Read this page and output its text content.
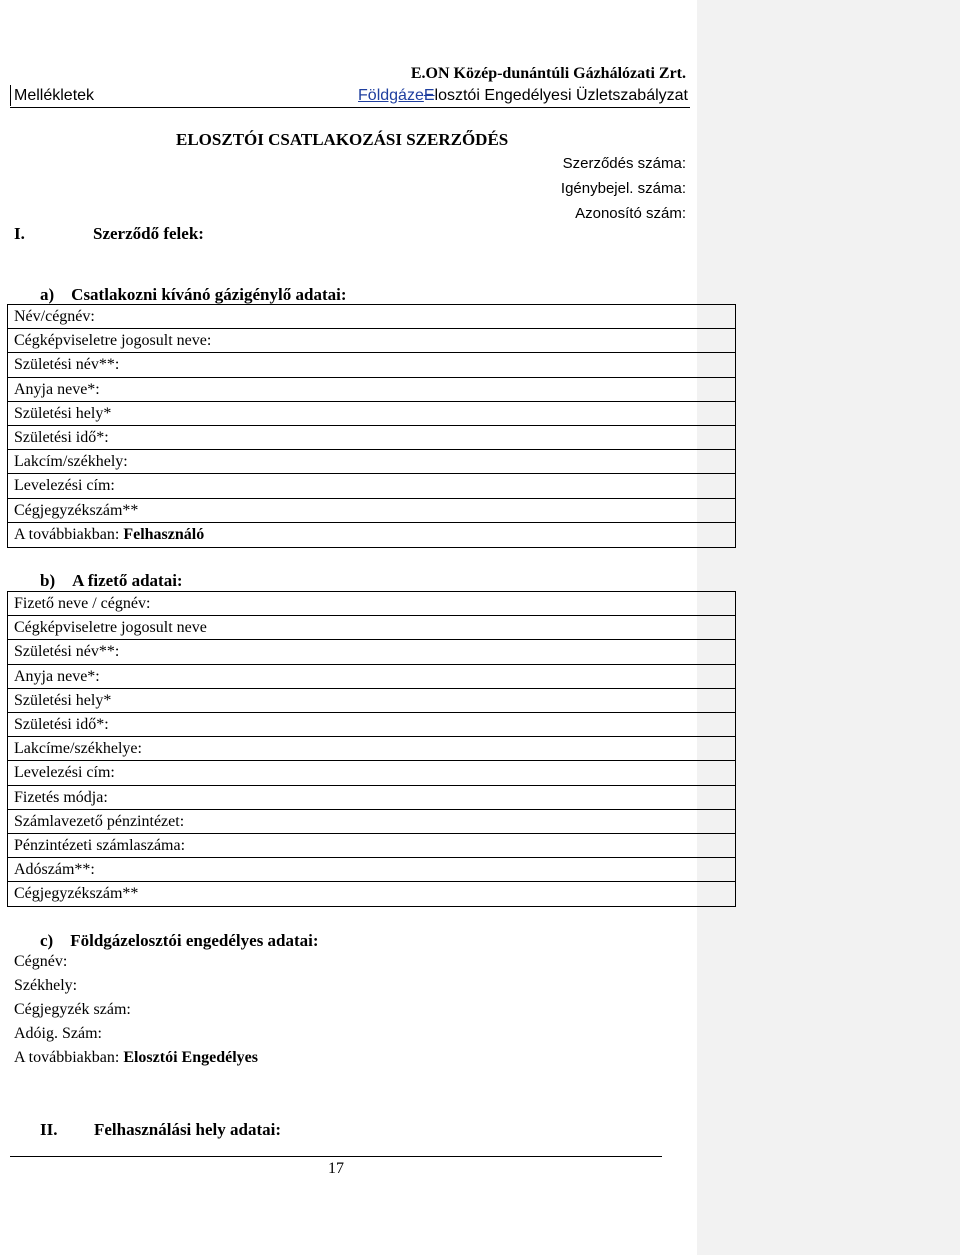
Mellékletek
E.ON Közép-dunántúli Gázhálózati Zrt.
FöldgázeElosztói Engedélyesi Üzletszabályzat
ELOSZTÓI CSATLAKOZÁSI SZERZŐDÉS
Szerződés száma:
Igénybejel. száma:
Azonosító szám:
I.	Szerződő felek:
a) Csatlakozni kívánó gázigénylő adatai:
Név/cégnév:
Cégképviseletre jogosult neve:
Születési név**:
Anyja neve*:
Születési hely*
Születési idő*:
Lakcím/székhely:
Levelezési cím:
Cégjegyzékszám**
A továbbiakban: Felhasználó
b) A fizető adatai:
Fizető neve / cégnév:
Cégképviseletre jogosult neve
Születési név**:
Anyja neve*:
Születési hely*
Születési idő*:
Lakcíme/székhelye:
Levelezési cím:
Fizetés módja:
Számlavezető pénzintézet:
Pénzintézeti számlaszáma:
Adószám**:
Cégjegyzékszám**
c) Földgázelosztói engedélyes adatai:
Cégnév:
Székhely:
Cégjegyzék szám:
Adóig. Szám:
A továbbiakban: Elosztói Engedélyes
II. Felhasználási hely adatai:
17
